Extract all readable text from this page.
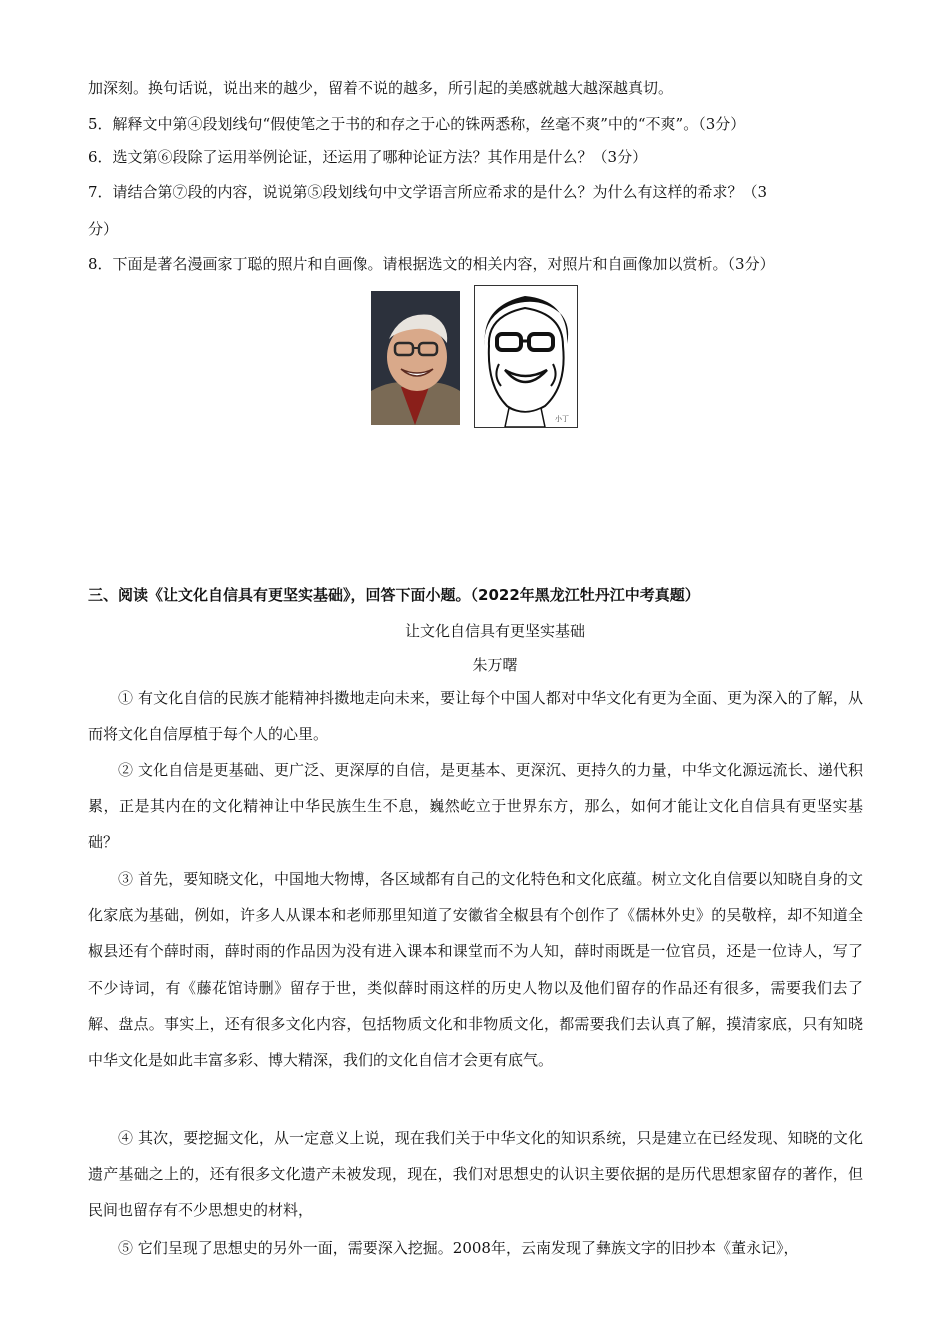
加深刻。换句话说，说出来的越少，留着不说的越多，所引起的美感就越大越深越真切。
5．解释文中第④段划线句“假使笔之于书的和存之于心的铢两悉称，丝毫不爽”中的“不爽”。（3分）
6．选文第⑥段除了运用举例论证，还运用了哪种论证方法？其作用是什么？（3分）
7．请结合第⑦段的内容，说说第⑤段划线句中文学语言所应希求的是什么？为什么有这样的希求？（3
分）
8．下面是著名漫画家丁聪的照片和自画像。请根据选文的相关内容，对照片和自画像加以赏析。（3分）
小丁
三、阅读《让文化自信具有更坚实基础》，回答下面小题。（2022年黑龙江牡丹江中考真题）
让文化自信具有更坚实基础
朱万曙
① 有文化自信的民族才能精神抖擞地走向未来，要让每个中国人都对中华文化有更为全面、更为深入的了解，从而将文化自信厚植于每个人的心里。
② 文化自信是更基础、更广泛、更深厚的自信，是更基本、更深沉、更持久的力量，中华文化源远流长、递代积累，正是其内在的文化精神让中华民族生生不息，巍然屹立于世界东方，那么，如何才能让文化自信具有更坚实基础？
③ 首先，要知晓文化，中国地大物博，各区域都有自己的文化特色和文化底蕴。树立文化自信要以知晓自身的文化家底为基础，例如，许多人从课本和老师那里知道了安徽省全椒县有个创作了《儒林外史》的吴敬梓，却不知道全椒县还有个薛时雨，薛时雨的作品因为没有进入课本和课堂而不为人知，薛时雨既是一位官员，还是一位诗人，写了不少诗词，有《藤花馆诗删》留存于世，类似薛时雨这样的历史人物以及他们留存的作品还有很多，需要我们去了解、盘点。事实上，还有很多文化内容，包括物质文化和非物质文化，都需要我们去认真了解，摸清家底，只有知晓中华文化是如此丰富多彩、博大精深，我们的文化自信才会更有底气。
④ 其次，要挖掘文化，从一定意义上说，现在我们关于中华文化的知识系统，只是建立在已经发现、知晓的文化遗产基础之上的，还有很多文化遗产未被发现，现在，我们对思想史的认识主要依据的是历代思想家留存的著作，但民间也留存有不少思想史的材料，
⑤ 它们呈现了思想史的另外一面，需要深入挖掘。2008年，云南发现了彝族文字的旧抄本《董永记》，
